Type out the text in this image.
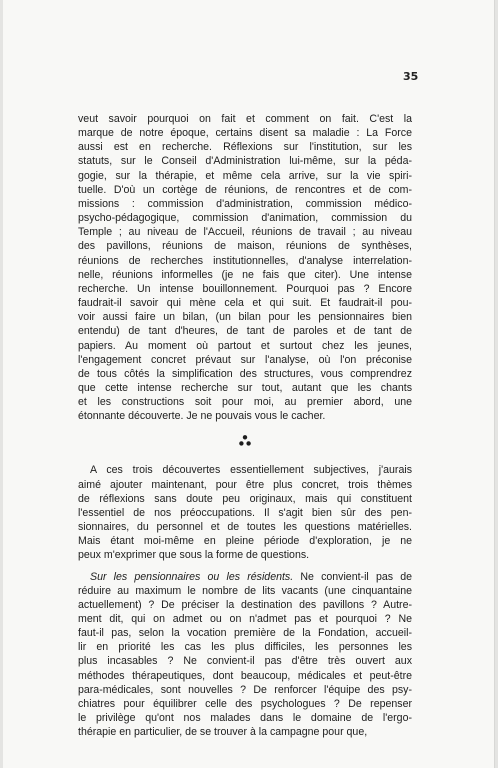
35

veut savoir pourquoi on fait et comment on fait. C'est la
marque de notre époque, certains disent sa maladie : La Force
aussi est en recherche. Réflexions sur l'institution, sur les
statuts, sur le Conseil d'Administration lui-même, sur la péda-
gogie, sur la thérapie, et même cela arrive, sur la vie spiri-
tuelle. D'où un cortège de réunions, de rencontres et de com-
missions : commission d'administration, commission médico-
psycho-pédagogique, commission d'animation, commission du
Temple ; au niveau de l'Accueil, réunions de travail ; au niveau
des pavillons, réunions de maison, réunions de synthèses,
réunions de recherches institutionnelles, d'analyse interrelation-
nelle, réunions informelles (je ne fais que citer). Une intense
recherche. Un intense bouillonnement. Pourquoi pas ? Encore
faudrait-il savoir qui mène cela et qui suit. Et faudrait-il pou-
voir aussi faire un bilan, (un bilan pour les pensionnaires bien
entendu) de tant d'heures, de tant de paroles et de tant de
papiers. Au moment où partout et surtout chez les jeunes,
l'engagement concret prévaut sur l'analyse, où l'on préconise
de tous côtés la simplification des structures, vous comprendrez
que cette intense recherche sur tout, autant que les chants
et les constructions soit pour moi, au premier abord, une
étonnante découverte. Je ne pouvais vous le cacher.

A ces trois découvertes essentiellement subjectives, j'aurais
aimé ajouter maintenant, pour être plus concret, trois thèmes
de réflexions sans doute peu originaux, mais qui constituent
l'essentiel de nos préoccupations. Il s'agit bien sûr des pen-
sionnaires, du personnel et de toutes les questions matérielles.
Mais étant moi-même en pleine période d'exploration, je ne
peux m'exprimer que sous la forme de questions.

Sur les pensionnaires ou les résidents. Ne convient-il pas de
réduire au maximum le nombre de lits vacants (une cinquantaine
actuellement) ? De préciser la destination des pavillons ? Autre-
ment dit, qui on admet ou on n'admet pas et pourquoi ? Ne
faut-il pas, selon la vocation première de la Fondation, accueil-
lir en priorité les cas les plus difficiles, les personnes les
plus incasables ? Ne convient-il pas d'être très ouvert aux
méthodes thérapeutiques, dont beaucoup, médicales et peut-être
para-médicales, sont nouvelles ? De renforcer l'équipe des psy-
chiatres pour équilibrer celle des psychologues ? De repenser
le privilège qu'ont nos malades dans le domaine de l'ergo-
thérapie en particulier, de se trouver à la campagne pour que,
